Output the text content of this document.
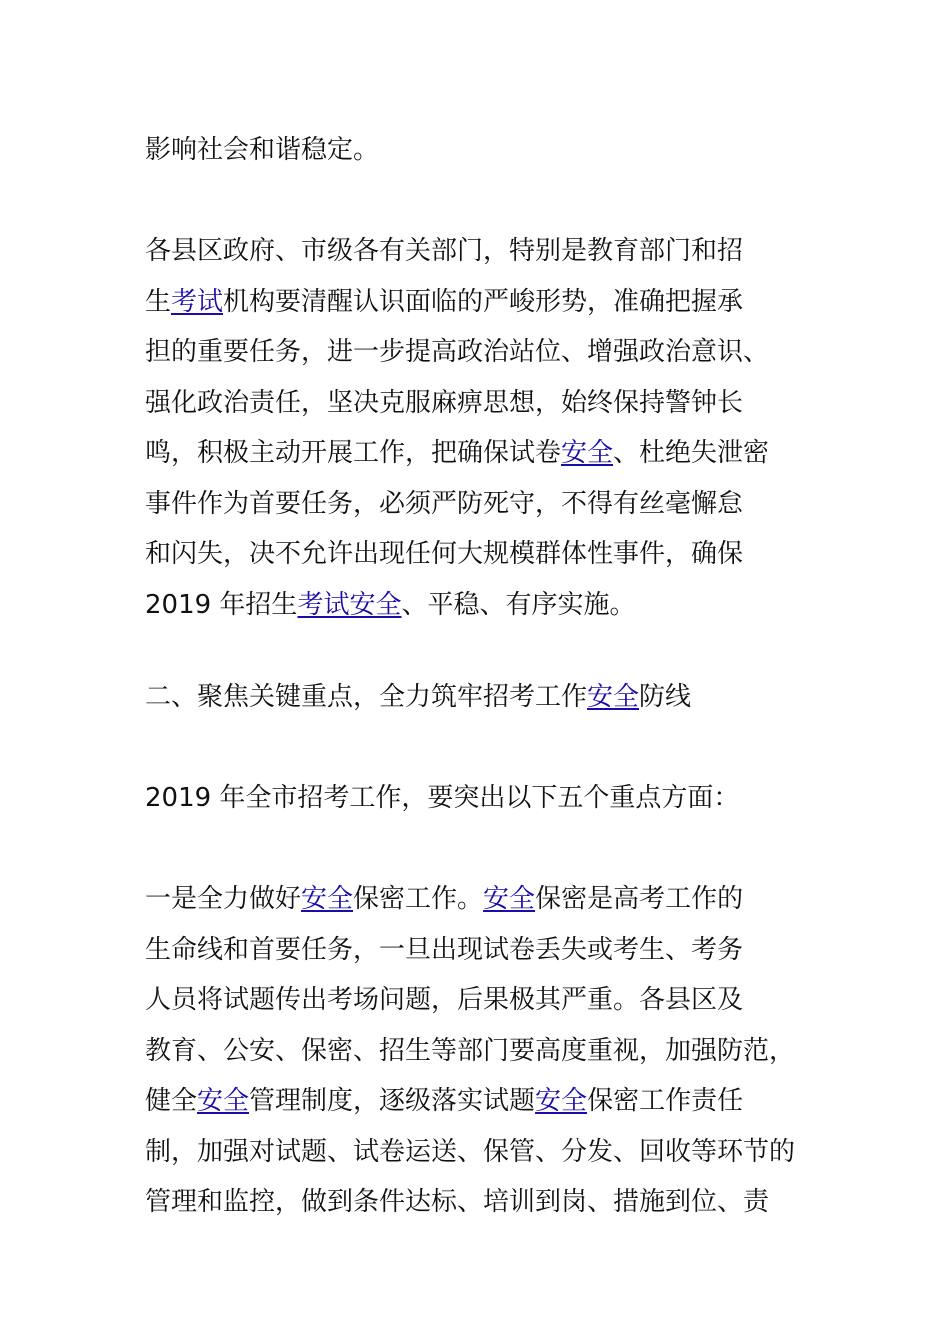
影响社会和谐稳定。

各县区政府、市级各有关部门，特别是教育部门和招
生考试机构要清醒认识面临的严峻形势，准确把握承
担的重要任务，进一步提高政治站位、增强政治意识、
强化政治责任，坚决克服麻痹思想，始终保持警钟长
鸣，积极主动开展工作，把确保试卷安全、杜绝失泄密
事件作为首要任务，必须严防死守，不得有丝毫懈怠
和闪失，决不允许出现任何大规模群体性事件，确保
2019 年招生考试安全、平稳、有序实施。

二、聚焦关键重点，全力筑牢招考工作安全防线

2019 年全市招考工作，要突出以下五个重点方面：

一是全力做好安全保密工作。安全保密是高考工作的
生命线和首要任务，一旦出现试卷丢失或考生、考务
人员将试题传出考场问题，后果极其严重。各县区及
教育、公安、保密、招生等部门要高度重视，加强防范，
健全安全管理制度，逐级落实试题安全保密工作责任
制，加强对试题、试卷运送、保管、分发、回收等环节的
管理和监控，做到条件达标、培训到岗、措施到位、责
